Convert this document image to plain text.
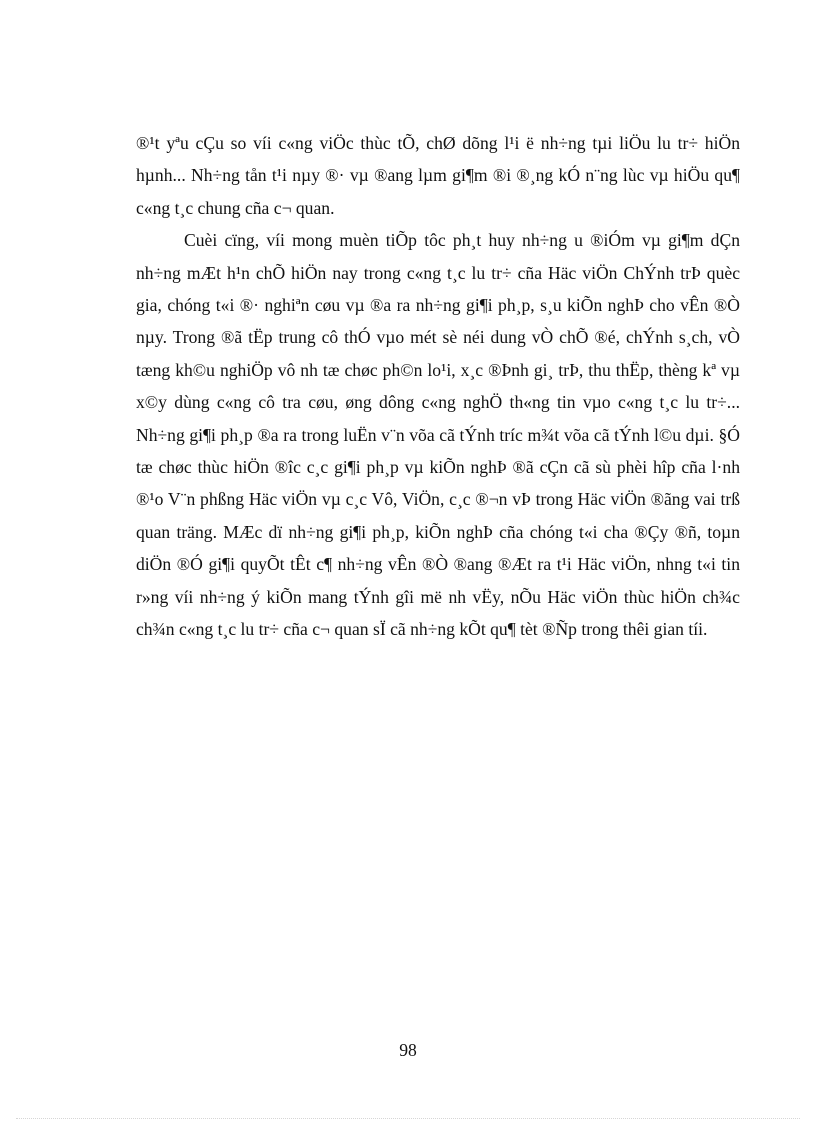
®¹t yªu cÇu so víi c«ng viÖc thùc tÕ, chØ dõng l¹i ë nh÷ng tµi liÖu lu tr÷ hiÖn hµnh... Nh÷ng tån t¹i nµy ®· vµ ®ang lµm gi¶m ®i ®¸ng kÓ n¨ng lùc vµ hiÖu qu¶ c«ng t¸c chung cña c¬ quan.

Cuèi cïng, víi mong muèn tiÕp tôc ph¸t huy nh÷ng u ®iÓm vµ gi¶m dÇn nh÷ng mÆt h¹n chÕ hiÖn nay trong c«ng t¸c lu tr÷ cña Häc viÖn ChÝnh trÞ quèc gia, chóng t«i ®· nghiªn cøu vµ ®a ra nh÷ng gi¶i ph¸p, s¸u kiÕn nghÞ cho vÊn ®Ò nµy. Trong ®ã tËp trung cô thÓ vµo mét sè néi dung vÒ chÕ ®é, chÝnh s¸ch, vÒ tæng kh©u nghiÖp vô nh tæ chøc ph©n lo¹i, x¸c ®Þnh gi¸ trÞ, thu thËp, thèng kª vµ x©y dùng c«ng cô tra cøu, øng dông c«ng nghÖ th«ng tin vµo c«ng t¸c lu tr÷... Nh÷ng gi¶i ph¸p ®a ra trong luËn v¨n võa cã tÝnh tríc m¾t võa cã tÝnh l©u dµi. §Ó tæ chøc thùc hiÖn ®îc c¸c gi¶i ph¸p vµ kiÕn nghÞ ®ã cÇn cã sù phèi hîp cña l·nh ®¹o V¨n phßng Häc viÖn vµ c¸c Vô, ViÖn, c¸c ®¬n vÞ trong Häc viÖn ®ãng vai trß quan träng. MÆc dï nh÷ng gi¶i ph¸p, kiÕn nghÞ cña chóng t«i cha ®Çy ®ñ, toµn diÖn ®Ó gi¶i quyÕt tÊt c¶ nh÷ng vÊn ®Ò ®ang ®Æt ra t¹i Häc viÖn, nhng t«i tin r»ng víi nh÷ng ý kiÕn mang tÝnh gîi më nh vËy, nÕu Häc viÖn thùc hiÖn ch¾c ch¾n c«ng t¸c lu tr÷ cña c¬ quan sÏ cã nh÷ng kÕt qu¶ tèt ®Ñp trong thêi gian tíi.

98
